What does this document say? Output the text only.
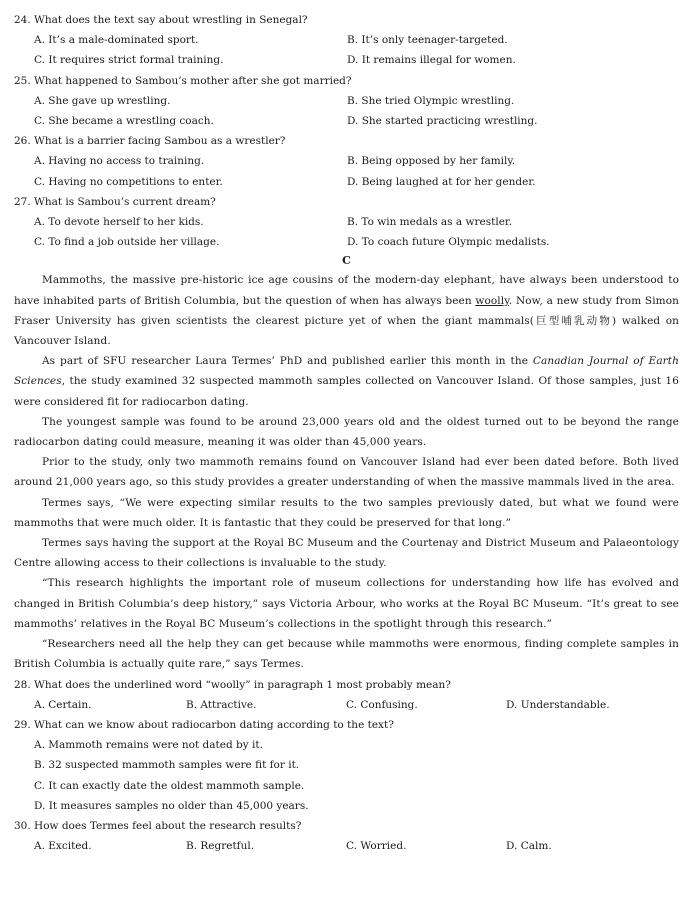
24. What does the text say about wrestling in Senegal?
A. It’s a male-dominated sport.	B. It’s only teenager-targeted.
C. It requires strict formal training.	D. It remains illegal for women.
25. What happened to Sambou’s mother after she got married?
A. She gave up wrestling.	B. She tried Olympic wrestling.
C. She became a wrestling coach.	D. She started practicing wrestling.
26. What is a barrier facing Sambou as a wrestler?
A. Having no access to training.	B. Being opposed by her family.
C. Having no competitions to enter.	D. Being laughed at for her gender.
27. What is Sambou’s current dream?
A. To devote herself to her kids.	B. To win medals as a wrestler.
C. To find a job outside her village.	D. To coach future Olympic medalists.
C

Mammoths, the massive pre-historic ice age cousins of the modern-day elephant, have always been understood to have inhabited parts of British Columbia, but the question of when has always been woolly. Now, a new study from Simon Fraser University has given scientists the clearest picture yet of when the giant mammals(巨型哺乳动物) walked on Vancouver Island.

As part of SFU researcher Laura Termes’ PhD and published earlier this month in the Canadian Journal of Earth Sciences, the study examined 32 suspected mammoth samples collected on Vancouver Island. Of those samples, just 16 were considered fit for radiocarbon dating.

The youngest sample was found to be around 23,000 years old and the oldest turned out to be beyond the range radiocarbon dating could measure, meaning it was older than 45,000 years.

Prior to the study, only two mammoth remains found on Vancouver Island had ever been dated before. Both lived around 21,000 years ago, so this study provides a greater understanding of when the massive mammals lived in the area.

Termes says, “We were expecting similar results to the two samples previously dated, but what we found were mammoths that were much older. It is fantastic that they could be preserved for that long.”

Termes says having the support at the Royal BC Museum and the Courtenay and District Museum and Palaeontology Centre allowing access to their collections is invaluable to the study.

“This research highlights the important role of museum collections for understanding how life has evolved and changed in British Columbia’s deep history,” says Victoria Arbour, who works at the Royal BC Museum. “It’s great to see mammoths’ relatives in the Royal BC Museum’s collections in the spotlight through this research.”

“Researchers need all the help they can get because while mammoths were enormous, finding complete samples in British Columbia is actually quite rare,” says Termes.

28. What does the underlined word “woolly” in paragraph 1 most probably mean?
A. Certain.	B. Attractive.	C. Confusing.	D. Understandable.
29. What can we know about radiocarbon dating according to the text?
A. Mammoth remains were not dated by it.
B. 32 suspected mammoth samples were fit for it.
C. It can exactly date the oldest mammoth sample.
D. It measures samples no older than 45,000 years.
30. How does Termes feel about the research results?
A. Excited.	B. Regretful.	C. Worried.	D. Calm.
